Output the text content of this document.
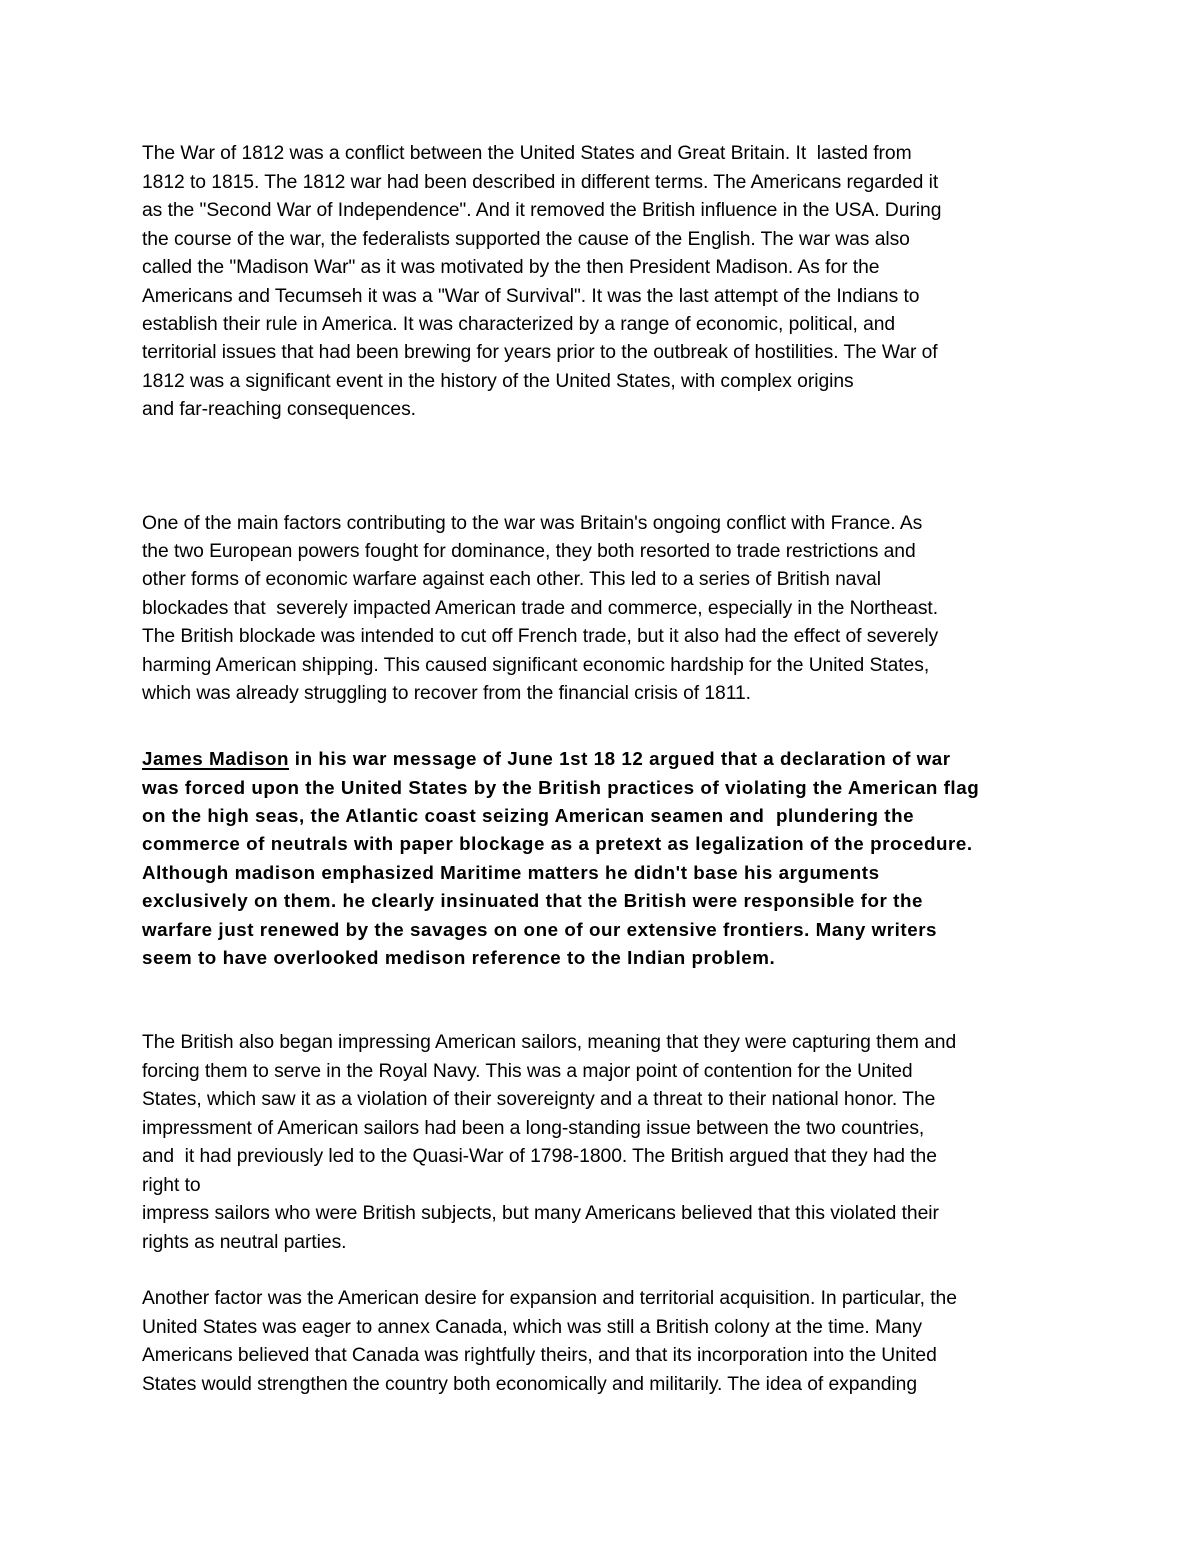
The War of 1812 was a conflict between the United States and Great Britain. It  lasted from
1812 to 1815. The 1812 war had been described in different terms. The Americans regarded it
as the "Second War of Independence". And it removed the British influence in the USA. During
the course of the war, the federalists supported the cause of the English. The war was also
called the "Madison War" as it was motivated by the then President Madison. As for the
Americans and Tecumseh it was a "War of Survival". It was the last attempt of the Indians to
establish their rule in America. It was characterized by a range of economic, political, and
territorial issues that had been brewing for years prior to the outbreak of hostilities. The War of
1812 was a significant event in the history of the United States, with complex origins
and far-reaching consequences.
One of the main factors contributing to the war was Britain's ongoing conflict with France. As
the two European powers fought for dominance, they both resorted to trade restrictions and
other forms of economic warfare against each other. This led to a series of British naval
blockades that  severely impacted American trade and commerce, especially in the Northeast.
The British blockade was intended to cut off French trade, but it also had the effect of severely
harming American shipping. This caused significant economic hardship for the United States,
which was already struggling to recover from the financial crisis of 1811.
James Madison in his war message of June 1st 18 12 argued that a declaration of war
was forced upon the United States by the British practices of violating the American flag
on the high seas, the Atlantic coast seizing American seamen and  plundering the
commerce of neutrals with paper blockage as a pretext as legalization of the procedure.
Although madison emphasized Maritime matters he didn't base his arguments
exclusively on them. he clearly insinuated that the British were responsible for the
warfare just renewed by the savages on one of our extensive frontiers. Many writers
seem to have overlooked medison reference to the Indian problem.
The British also began impressing American sailors, meaning that they were capturing them and
forcing them to serve in the Royal Navy. This was a major point of contention for the United
States, which saw it as a violation of their sovereignty and a threat to their national honor. The
impressment of American sailors had been a long-standing issue between the two countries,
and  it had previously led to the Quasi-War of 1798-1800. The British argued that they had the
right to
impress sailors who were British subjects, but many Americans believed that this violated their
rights as neutral parties.
Another factor was the American desire for expansion and territorial acquisition. In particular, the
United States was eager to annex Canada, which was still a British colony at the time. Many
Americans believed that Canada was rightfully theirs, and that its incorporation into the United
States would strengthen the country both economically and militarily. The idea of expanding
